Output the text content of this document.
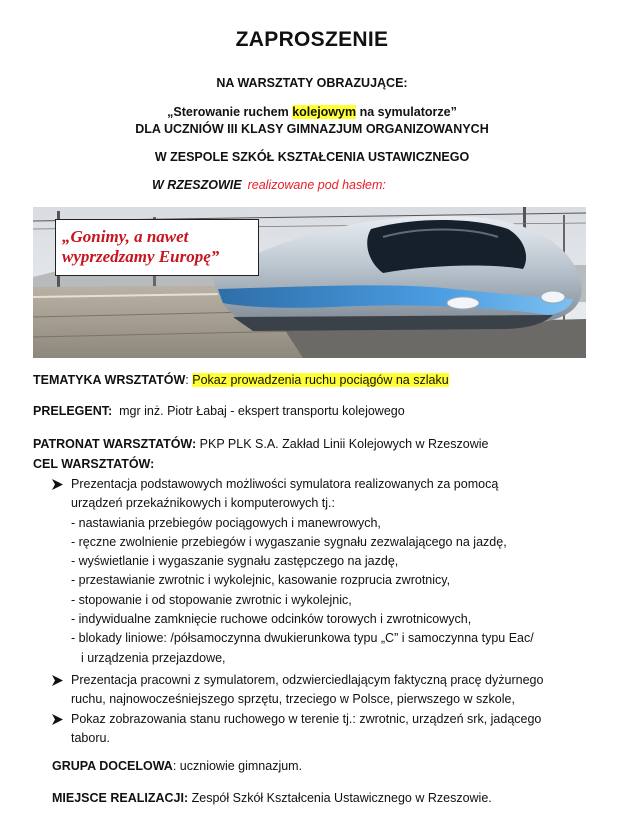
ZAPROSZENIE
NA WARSZTATY OBRAZUJĄCE:
„Sterowanie ruchem kolejowym na symulatorze”
DLA UCZNIÓW III KLASY GIMNAZJUM ORGANIZOWANYCH
W ZESPOLE SZKÓŁ KSZTAŁCENIA USTAWICZNEGO
W RZESZOWIE realizowane pod hasłem:
„Gonimy, a nawet
wyprzedzamy Europę”
TEMATYKA WRSZTATÓW: Pokaz prowadzenia ruchu pociągów na szlaku
PRELEGENT: mgr inż. Piotr Łabaj - ekspert transportu kolejowego
PATRONAT WARSZTATÓW: PKP PLK S.A. Zakład Linii Kolejowych w Rzeszowie
CEL WARSZTATÓW:
Prezentacja podstawowych możliwości symulatora realizowanych za pomocą
urządzeń przekaźnikowych i komputerowych tj.:
- nastawiania przebiegów pociągowych i manewrowych,
- ręczne zwolnienie przebiegów i wygaszanie sygnału zezwalającego na jazdę,
- wyświetlanie i wygaszanie sygnału zastępczego na jazdę,
- przestawianie zwrotnic i wykolejnic, kasowanie rozprucia zwrotnicy,
- stopowanie i od stopowanie zwrotnic i wykolejnic,
- indywidualne zamknięcie ruchowe odcinków torowych i zwrotnicowych,
- blokady liniowe: /półsamoczynna dwukierunkowa typu „C” i samoczynna typu Eac/
i urządzenia przejazdowe,
Prezentacja pracowni z symulatorem, odzwierciedlającym faktyczną pracę dyżurnego
ruchu, najnowocześniejszego sprzętu, trzeciego w Polsce, pierwszego w szkole,
Pokaz zobrazowania stanu ruchowego w terenie tj.: zwrotnic, urządzeń srk, jadącego
taboru.
GRUPA DOCELOWA: uczniowie gimnazjum.
MIEJSCE REALIZACJI: Zespół Szkół Kształcenia Ustawicznego w Rzeszowie.
